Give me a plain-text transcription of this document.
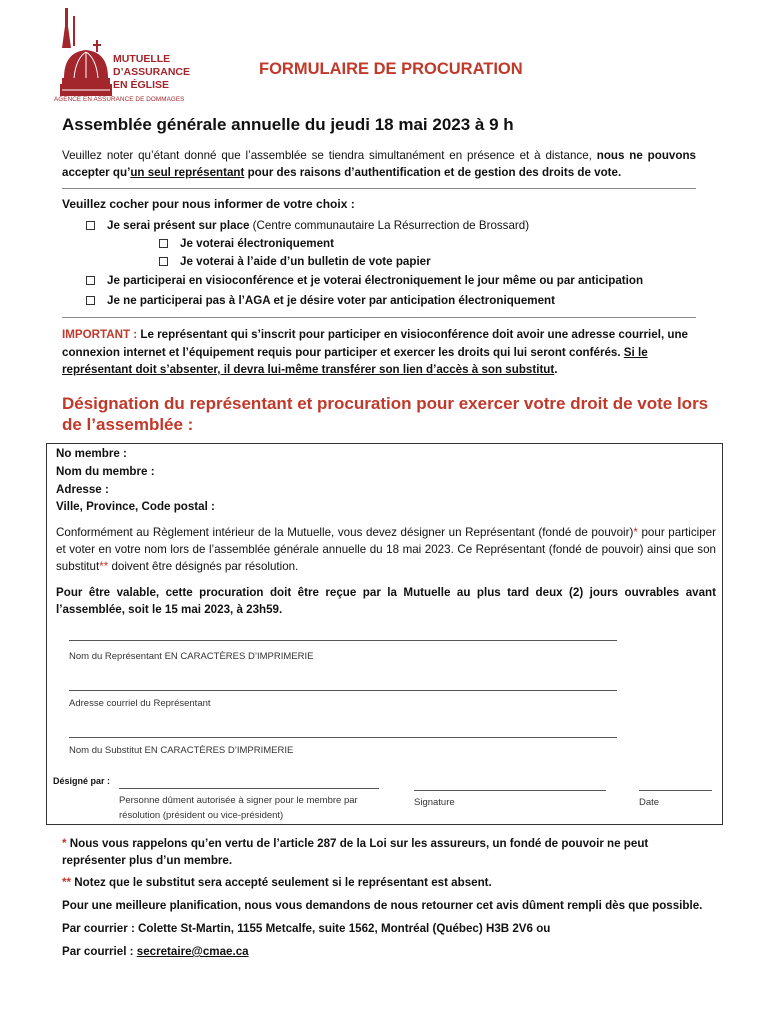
MUTUELLE
D’ASSURANCE
EN ÉGLISE
AGENCE EN ASSURANCE DE DOMMAGES
FORMULAIRE DE PROCURATION
Assemblée générale annuelle du jeudi 18 mai 2023 à 9 h
Veuillez noter qu’étant donné que l’assemblée se tiendra simultanément en présence et à distance, nous ne pouvons accepter qu’un seul représentant pour des raisons d’authentification et de gestion des droits de vote.
Veuillez cocher pour nous informer de votre choix :
Je serai présent sur place (Centre communautaire La Résurrection de Brossard)
Je voterai électroniquement
Je voterai à l’aide d’un bulletin de vote papier
Je participerai en visioconférence et je voterai électroniquement le jour même ou par anticipation
Je ne participerai pas à l’AGA et je désire voter par anticipation électroniquement
IMPORTANT : Le représentant qui s’inscrit pour participer en visioconférence doit avoir une adresse courriel, une connexion internet et l’équipement requis pour participer et exercer les droits qui lui seront conférés. Si le représentant doit s’absenter, il devra lui-même transférer son lien d’accès à son substitut.
Désignation du représentant et procuration pour exercer votre droit de vote lors de l’assemblée :
No membre :
Nom du membre :
Adresse :
Ville, Province, Code postal :
Conformément au Règlement intérieur de la Mutuelle, vous devez désigner un Représentant (fondé de pouvoir)* pour participer et voter en votre nom lors de l’assemblée générale annuelle du 18 mai 2023. Ce Représentant (fondé de pouvoir) ainsi que son substitut** doivent être désignés par résolution.
Pour être valable, cette procuration doit être reçue par la Mutuelle au plus tard deux (2) jours ouvrables avant l’assemblée, soit le 15 mai 2023, à 23h59.
Nom du Représentant EN CARACTÈRES D’IMPRIMERIE
Adresse courriel du Représentant
Nom du Substitut EN CARACTÈRES D’IMPRIMERIE
Désigné par :
Personne dûment autorisée à signer pour le membre par résolution (président ou vice-président)
Signature	Date
* Nous vous rappelons qu’en vertu de l’article 287 de la Loi sur les assureurs, un fondé de pouvoir ne peut représenter plus d’un membre.
** Notez que le substitut sera accepté seulement si le représentant est absent.
Pour une meilleure planification, nous vous demandons de nous retourner cet avis dûment rempli dès que possible.
Par courrier : Colette St-Martin, 1155 Metcalfe, suite 1562, Montréal (Québec) H3B 2V6 ou
Par courriel : secretaire@cmae.ca
